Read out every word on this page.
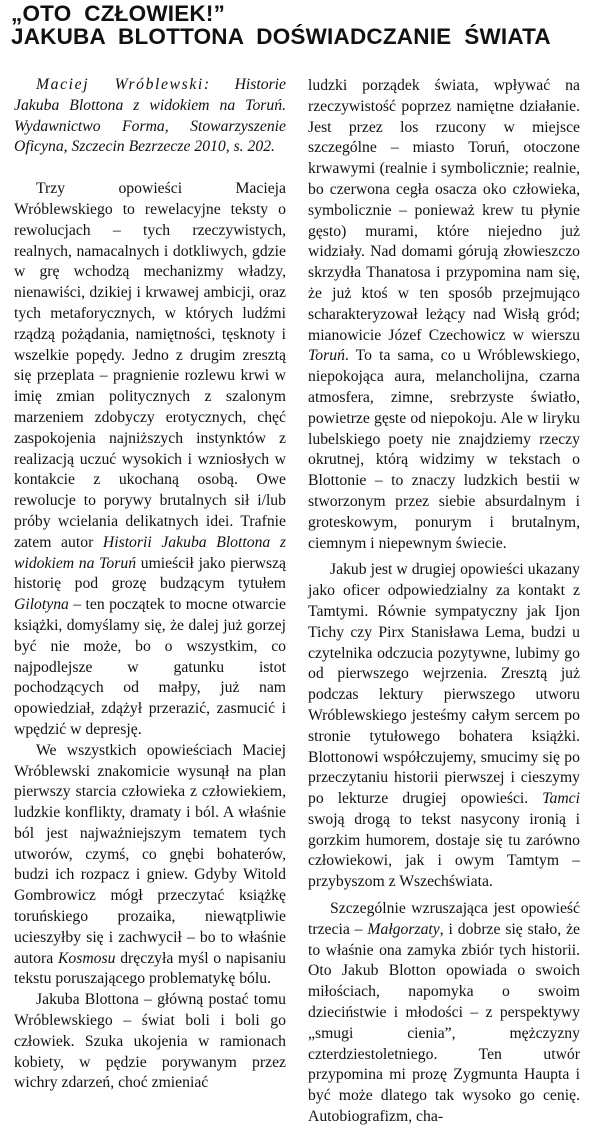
„OTO  CZŁOWIEK!”
JAKUBA  BLOTTONA  DOŚWIADCZANIE  ŚWIATA

Maciej Wróblewski: Historie Jakuba Blottona z widokiem na Toruń. Wydawnictwo Forma, Stowarzyszenie Oficyna, Szczecin Bezrzecze 2010, s. 202.

Trzy opowieści Macieja Wróblewskiego to rewelacyjne teksty o rewolucjach – tych rzeczywistych, realnych, namacalnych i dotkliwych, gdzie w grę wchodzą mechanizmy władzy, nienawiści, dzikiej i krwawej ambicji, oraz tych metaforycznych, w których ludźmi rządzą pożądania, namiętności, tęsknoty i wszelkie popędy. Jedno z drugim zresztą się przeplata – pragnienie rozlewu krwi w imię zmian politycznych z szalonym marzeniem zdobyczy erotycznych, chęć zaspokojenia najniższych instynktów z realizacją uczuć wysokich i wzniosłych w kontakcie z ukochaną osobą. Owe rewolucje to porywy brutalnych sił i/lub próby wcielania delikatnych idei. Trafnie zatem autor Historii Jakuba Blottona z widokiem na Toruń umieścił jako pierwszą historię pod grozę budzącym tytułem Gilotyna – ten początek to mocne otwarcie książki, domyślamy się, że dalej już gorzej być nie może, bo o wszystkim, co najpodlejsze w gatunku istot pochodzących od małpy, już nam opowiedział, zdążył przerazić, zasmucić i wpędzić w depresję.

We wszystkich opowieściach Maciej Wróblewski znakomicie wysunął na plan pierwszy starcia człowieka z człowiekiem, ludzkie konflikty, dramaty i ból. A właśnie ból jest najważniejszym tematem tych utworów, czymś, co gnębi bohaterów, budzi ich rozpacz i gniew. Gdyby Witold Gombrowicz mógł przeczytać książkę toruńskiego prozaika, niewątpliwie ucieszyłby się i zachwycił – bo to właśnie autora Kosmosu dręczyła myśl o napisaniu tekstu poruszającego problematykę bólu.

Jakuba Blottona – główną postać tomu Wróblewskiego – świat boli i boli go człowiek. Szuka ukojenia w ramionach kobiety, w pędzie porywanym przez wichry zdarzeń, choć zmieniać

ludzki porządek świata, wpływać na rzeczywistość poprzez namiętne działanie. Jest przez los rzucony w miejsce szczególne – miasto Toruń, otoczone krwawymi (realnie i symbolicznie; realnie, bo czerwona cegła osacza oko człowieka, symbolicznie – ponieważ krew tu płynie gęsto) murami, które niejedno już widziały. Nad domami górują złowieszczo skrzydła Thanatosa i przypomina nam się, że już ktoś w ten sposób przejmująco scharakteryzował leżący nad Wisłą gród; mianowicie Józef Czechowicz w wierszu Toruń. To ta sama, co u Wróblewskiego, niepokojąca aura, melancholijna, czarna atmosfera, zimne, srebrzyste światło, powietrze gęste od niepokoju. Ale w liryku lubelskiego poety nie znajdziemy rzeczy okrutnej, którą widzimy w tekstach o Blottonie – to znaczy ludzkich bestii w stworzonym przez siebie absurdalnym i groteskowym, ponurym i brutalnym, ciemnym i niepewnym świecie.

Jakub jest w drugiej opowieści ukazany jako oficer odpowiedzialny za kontakt z Tamtymi. Równie sympatyczny jak Ijon Tichy czy Pirx Stanisława Lema, budzi u czytelnika odczucia pozytywne, lubimy go od pierwszego wejrzenia. Zresztą już podczas lektury pierwszego utworu Wróblewskiego jesteśmy całym sercem po stronie tytułowego bohatera książki. Blottonowi współczujemy, smucimy się po przeczytaniu historii pierwszej i cieszymy po lekturze drugiej opowieści. Tamci swoją drogą to tekst nasycony ironią i gorzkim humorem, dostaje się tu zarówno człowiekowi, jak i owym Tamtym – przybyszom z Wszechświata.

Szczególnie wzruszająca jest opowieść trzecia – Małgorzaty, i dobrze się stało, że to właśnie ona zamyka zbiór tych historii. Oto Jakub Blotton opowiada o swoich miłościach, napomyka o swoim dzieciństwie i młodości – z perspektywy „smugi cienia”, mężczyzny czterdziestoletniego. Ten utwór przypomina mi prozę Zygmunta Haupta i być może dlatego tak wysoko go cenię. Autobiografizm, cha-
